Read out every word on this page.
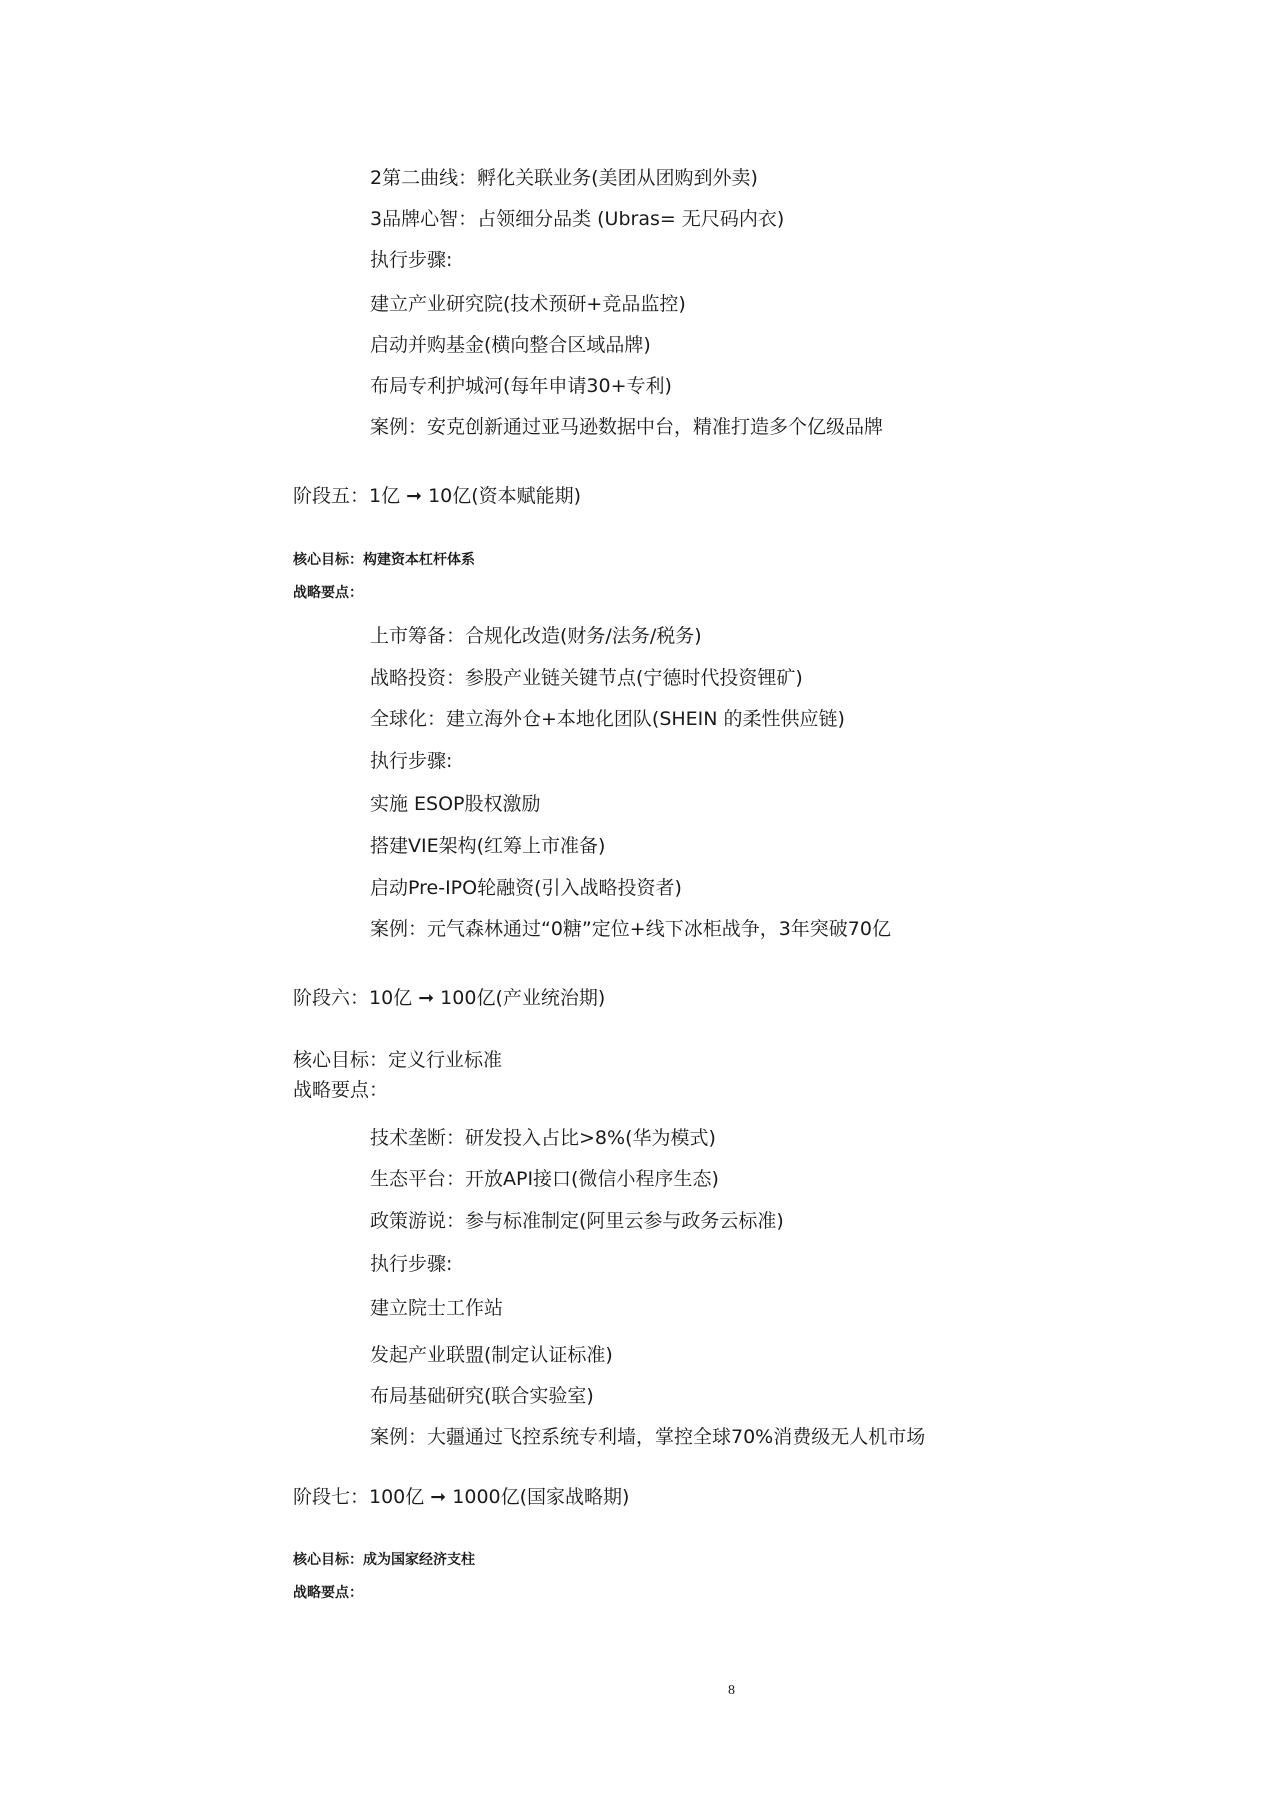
2第二曲线：孵化关联业务(美团从团购到外卖)
3品牌心智：占领细分品类 (Ubras= 无尺码内衣)
执行步骤:
建立产业研究院(技术预研+竞品监控)
启动并购基金(横向整合区域品牌)
布局专利护城河(每年申请30+专利)
案例：安克创新通过亚马逊数据中台，精准打造多个亿级品牌
阶段五：1亿 ➞ 10亿(资本赋能期)
核心目标：构建资本杠杆体系
战略要点：
上市筹备：合规化改造(财务/法务/税务)
战略投资：参股产业链关键节点(宁德时代投资锂矿)
全球化：建立海外仓+本地化团队(SHEIN 的柔性供应链)
执行步骤:
实施 ESOP股权激励
搭建VIE架构(红筹上市准备)
启动Pre-IPO轮融资(引入战略投资者)
案例：元气森林通过“0糖”定位+线下冰柜战争，3年突破70亿
阶段六：10亿 ➞ 100亿(产业统治期)
核心目标：定义行业标准
战略要点：
技术垄断：研发投入占比>8%(华为模式)
生态平台：开放API接口(微信小程序生态)
政策游说：参与标准制定(阿里云参与政务云标准)
执行步骤:
建立院士工作站
发起产业联盟(制定认证标准)
布局基础研究(联合实验室)
案例：大疆通过飞控系统专利墙，掌控全球70%消费级无人机市场
阶段七：100亿 ➞ 1000亿(国家战略期)
核心目标：成为国家经济支柱
战略要点：
8
